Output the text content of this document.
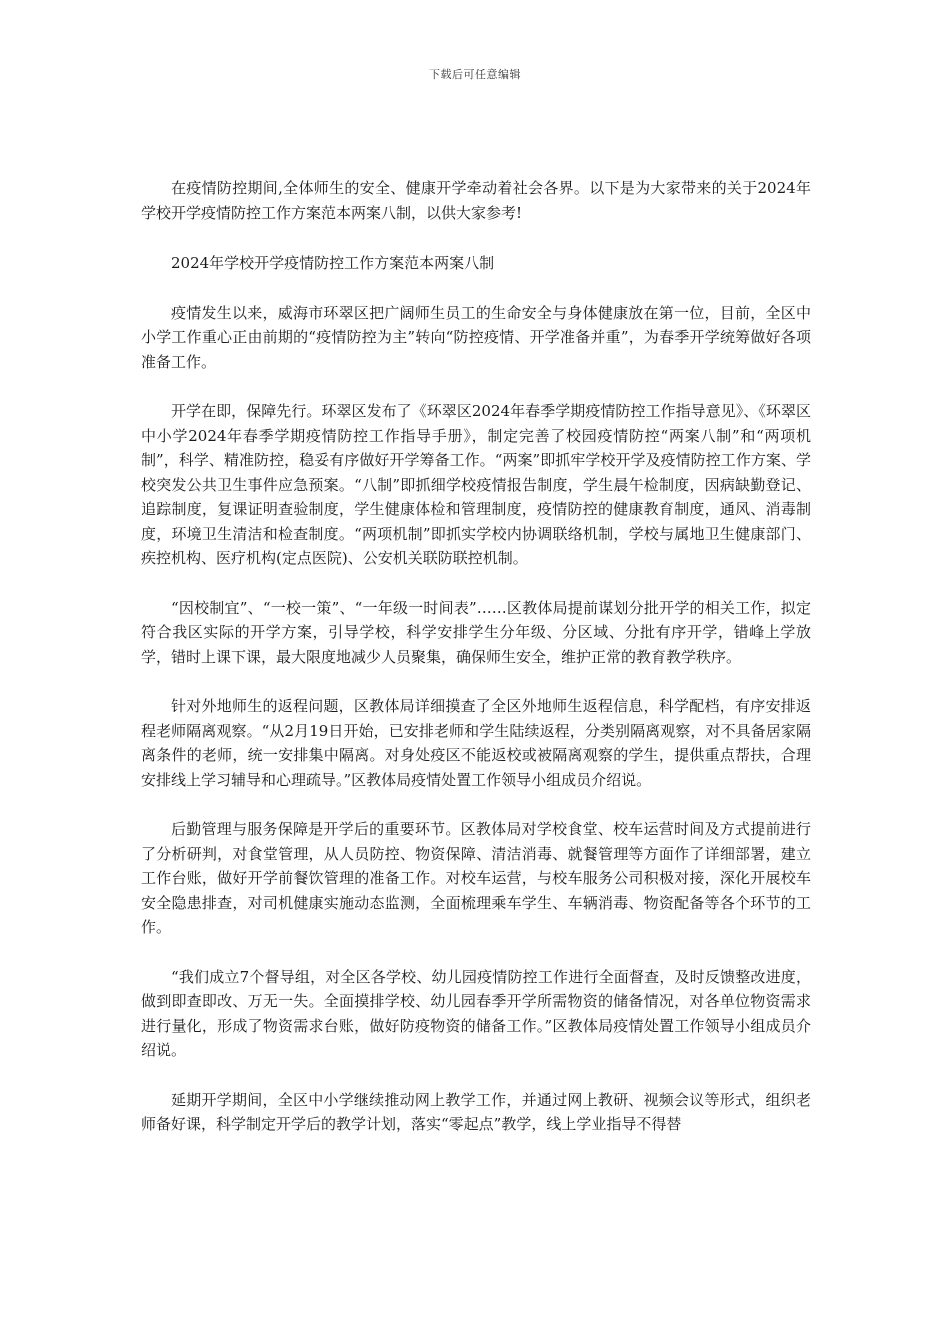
下载后可任意编辑

在疫情防控期间,全体师生的安全、健康开学牵动着社会各界。以下是为大家带来的关于2024年学校开学疫情防控工作方案范本两案八制，以供大家参考!

2024年学校开学疫情防控工作方案范本两案八制

疫情发生以来，威海市环翠区把广阔师生员工的生命安全与身体健康放在第一位，目前，全区中小学工作重心正由前期的“疫情防控为主”转向“防控疫情、开学准备并重”，为春季开学统筹做好各项准备工作。

开学在即，保障先行。环翠区发布了《环翠区2024年春季学期疫情防控工作指导意见》、《环翠区中小学2024年春季学期疫情防控工作指导手册》，制定完善了校园疫情防控“两案八制”和“两项机制”，科学、精准防控，稳妥有序做好开学筹备工作。“两案”即抓牢学校开学及疫情防控工作方案、学校突发公共卫生事件应急预案。“八制”即抓细学校疫情报告制度，学生晨午检制度，因病缺勤登记、追踪制度，复课证明查验制度，学生健康体检和管理制度，疫情防控的健康教育制度，通风、消毒制度，环境卫生清洁和检查制度。“两项机制”即抓实学校内协调联络机制，学校与属地卫生健康部门、疾控机构、医疗机构(定点医院)、公安机关联防联控机制。

“因校制宜”、“一校一策”、“一年级一时间表”……区教体局提前谋划分批开学的相关工作，拟定符合我区实际的开学方案，引导学校，科学安排学生分年级、分区域、分批有序开学，错峰上学放学，错时上课下课，最大限度地减少人员聚集，确保师生安全，维护正常的教育教学秩序。

针对外地师生的返程问题，区教体局详细摸查了全区外地师生返程信息，科学配档，有序安排返程老师隔离观察。“从2月19日开始，已安排老师和学生陆续返程，分类别隔离观察，对不具备居家隔离条件的老师，统一安排集中隔离。对身处疫区不能返校或被隔离观察的学生，提供重点帮扶，合理安排线上学习辅导和心理疏导。”区教体局疫情处置工作领导小组成员介绍说。

后勤管理与服务保障是开学后的重要环节。区教体局对学校食堂、校车运营时间及方式提前进行了分析研判，对食堂管理，从人员防控、物资保障、清洁消毒、就餐管理等方面作了详细部署，建立工作台账，做好开学前餐饮管理的准备工作。对校车运营，与校车服务公司积极对接，深化开展校车安全隐患排查，对司机健康实施动态监测，全面梳理乘车学生、车辆消毒、物资配备等各个环节的工作。

“我们成立7个督导组，对全区各学校、幼儿园疫情防控工作进行全面督查，及时反馈整改进度，做到即查即改、万无一失。全面摸排学校、幼儿园春季开学所需物资的储备情况，对各单位物资需求进行量化，形成了物资需求台账，做好防疫物资的储备工作。”区教体局疫情处置工作领导小组成员介绍说。

延期开学期间，全区中小学继续推动网上教学工作，并通过网上教研、视频会议等形式，组织老师备好课，科学制定开学后的教学计划，落实“零起点”教学，线上学业指导不得替
